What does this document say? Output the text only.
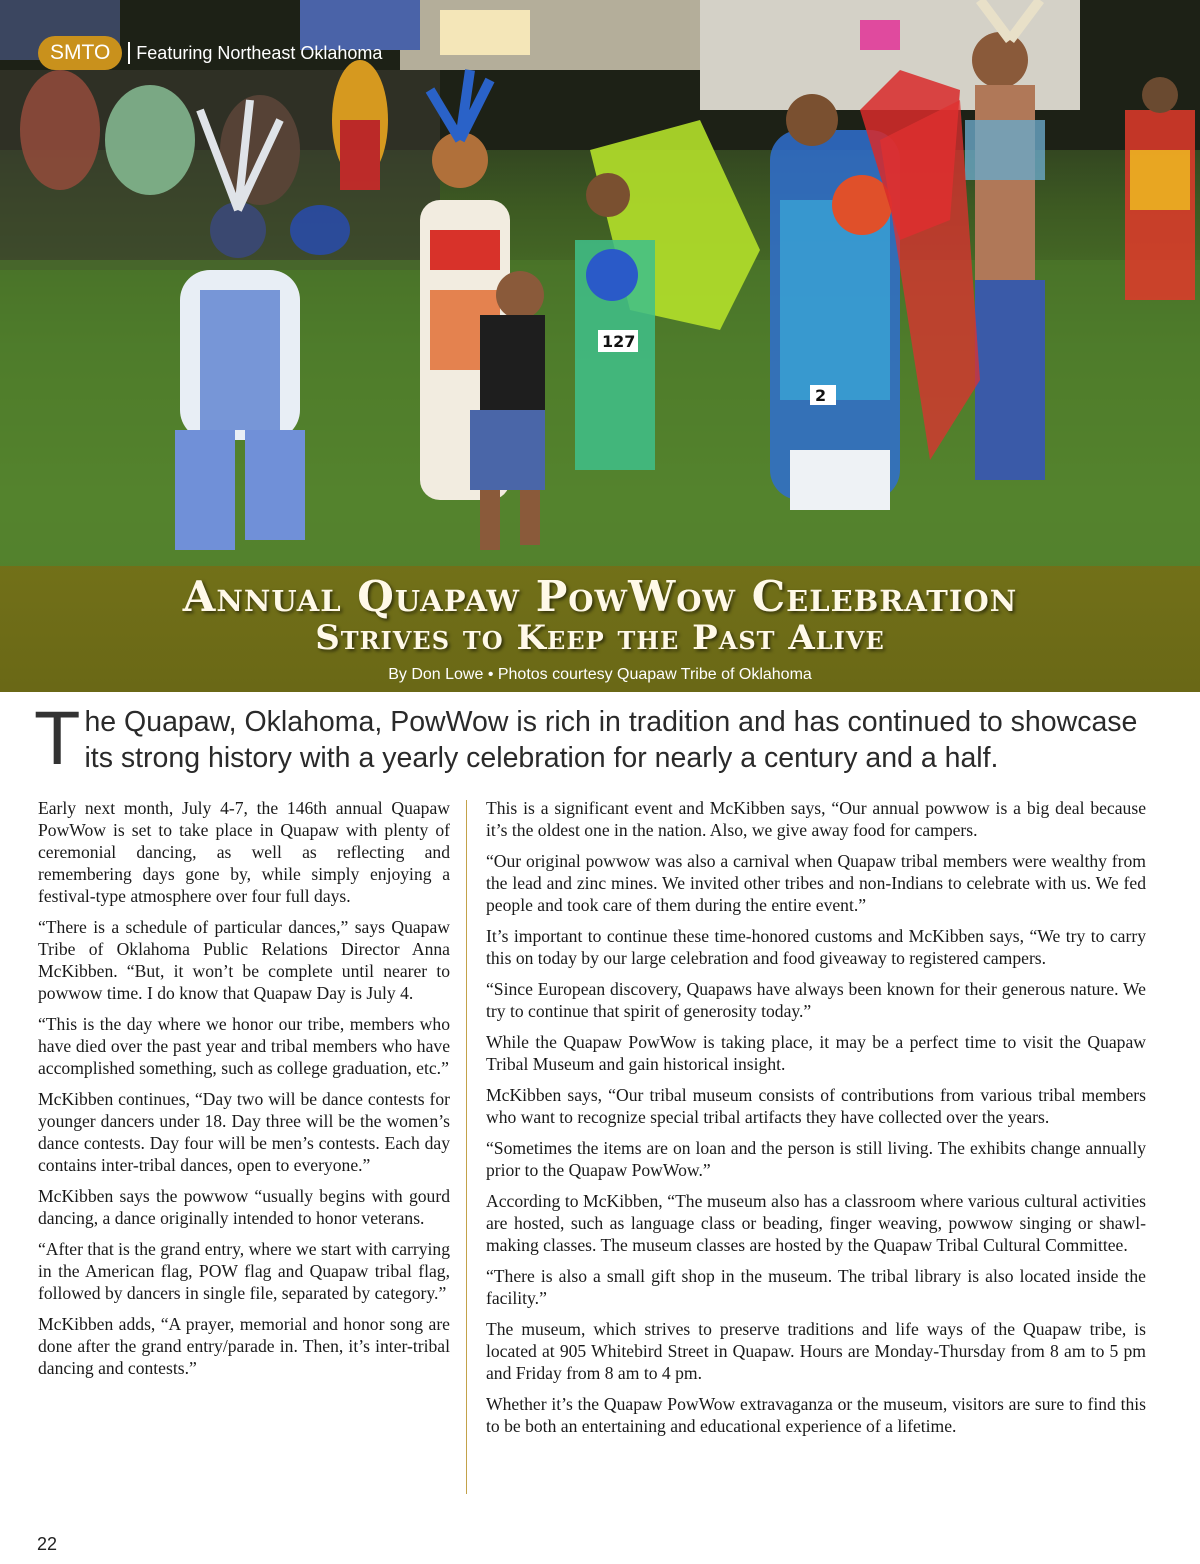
127
2
SMTO	Featuring Northeast Oklahoma
Annual Quapaw PowWow Celebration
Strives to Keep the Past Alive
By Don Lowe • Photos courtesy Quapaw Tribe of Oklahoma
T he Quapaw, Oklahoma, PowWow is rich in tradition and has continued to showcase its strong history with a yearly celebration for nearly a century and a half.

Early next month, July 4-7, the 146th annual Quapaw PowWow is set to take place in Quapaw with plenty of ceremonial dancing, as well as reflecting and remembering days gone by, while simply enjoying a festival-type atmosphere over four full days.

“There is a schedule of particular dances,” says Quapaw Tribe of Oklahoma Public Relations Director Anna McKibben. “But, it won’t be complete until nearer to powwow time. I do know that Quapaw Day is July 4.

“This is the day where we honor our tribe, members who have died over the past year and tribal members who have accomplished something, such as college graduation, etc.”

McKibben continues, “Day two will be dance contests for younger dancers under 18. Day three will be the women’s dance contests. Day four will be men’s contests. Each day contains inter-tribal dances, open to everyone.”

McKibben says the powwow “usually begins with gourd dancing, a dance originally intended to honor veterans.

“After that is the grand entry, where we start with carrying in the American flag, POW flag and Quapaw tribal flag, followed by dancers in single file, separated by category.”

McKibben adds, “A prayer, memorial and honor song are done after the grand entry/parade in. Then, it’s inter-tribal dancing and contests.”

This is a significant event and McKibben says, “Our annual powwow is a big deal because it’s the oldest one in the nation. Also, we give away food for campers.

“Our original powwow was also a carnival when Quapaw tribal members were wealthy from the lead and zinc mines. We invited other tribes and non-Indians to celebrate with us. We fed people and took care of them during the entire event.”

It’s important to continue these time-honored customs and McKibben says, “We try to carry this on today by our large celebration and food giveaway to registered campers.

“Since European discovery, Quapaws have always been known for their generous nature. We try to continue that spirit of generosity today.”

While the Quapaw PowWow is taking place, it may be a perfect time to visit the Quapaw Tribal Museum and gain historical insight.

McKibben says, “Our tribal museum consists of contributions from various tribal members who want to recognize special tribal artifacts they have collected over the years.

“Sometimes the items are on loan and the person is still living. The exhibits change annually prior to the Quapaw PowWow.”

According to McKibben, “The museum also has a classroom where various cultural activities are hosted, such as language class or beading, finger weaving, powwow singing or shawl-making classes. The museum classes are hosted by the Quapaw Tribal Cultural Committee.

“There is also a small gift shop in the museum. The tribal library is also located inside the facility.”

The museum, which strives to preserve traditions and life ways of the Quapaw tribe, is located at 905 Whitebird Street in Quapaw. Hours are Monday-Thursday from 8 am to 5 pm and Friday from 8 am to 4 pm.

Whether it’s the Quapaw PowWow extravaganza or the museum, visitors are sure to find this to be both an entertaining and educational experience of a lifetime.

22
